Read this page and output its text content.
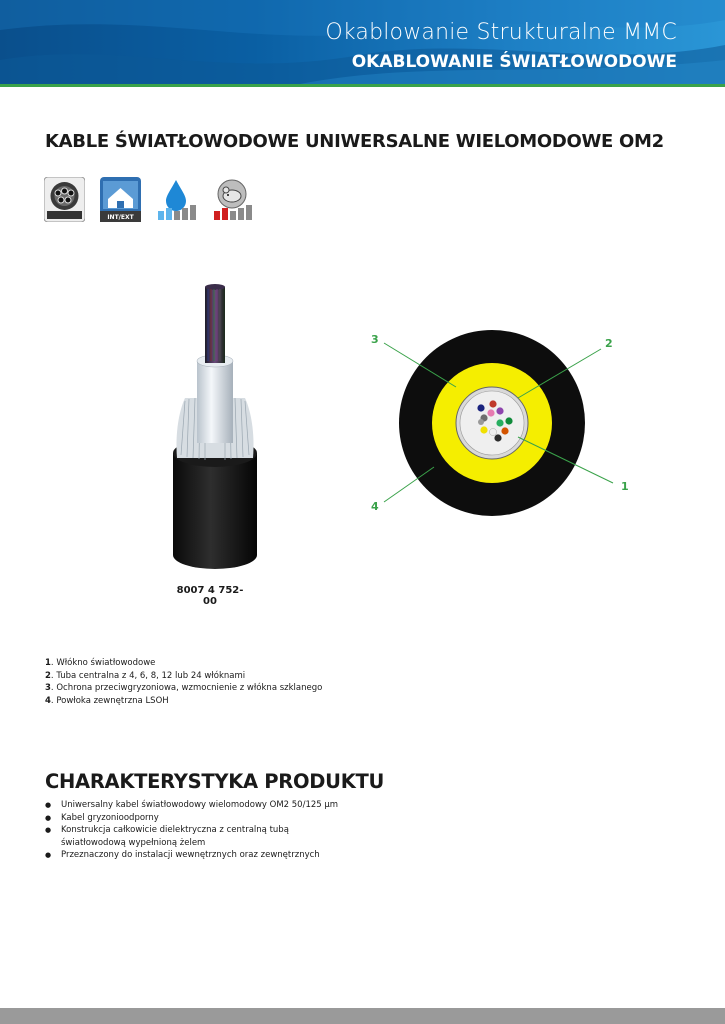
Okablowanie Strukturalne MMC
OKABLOWANIE ŚWIATŁOWODOWE
KABLE ŚWIATŁOWODOWE UNIWERSALNE WIELOMODOWE OM2
INT/EXT
8007 4 752-00
3	2
1
4
1. Włókno światłowodowe
2. Tuba centralna z 4, 6, 8, 12 lub 24 włóknami
3. Ochrona przeciwgryzoniowa, wzmocnienie z włókna szklanego
4. Powłoka zewnętrzna LSOH
CHARAKTERYSTYKA PRODUKTU
● Uniwersalny kabel światłowodowy wielomodowy OM2 50/125 µm
● Kabel gryzonioodporny
● Konstrukcja całkowicie dielektryczna z centralną tubą światłowodową wypełnioną żelem
● Przeznaczony do instalacji wewnętrznych oraz zewnętrznych
